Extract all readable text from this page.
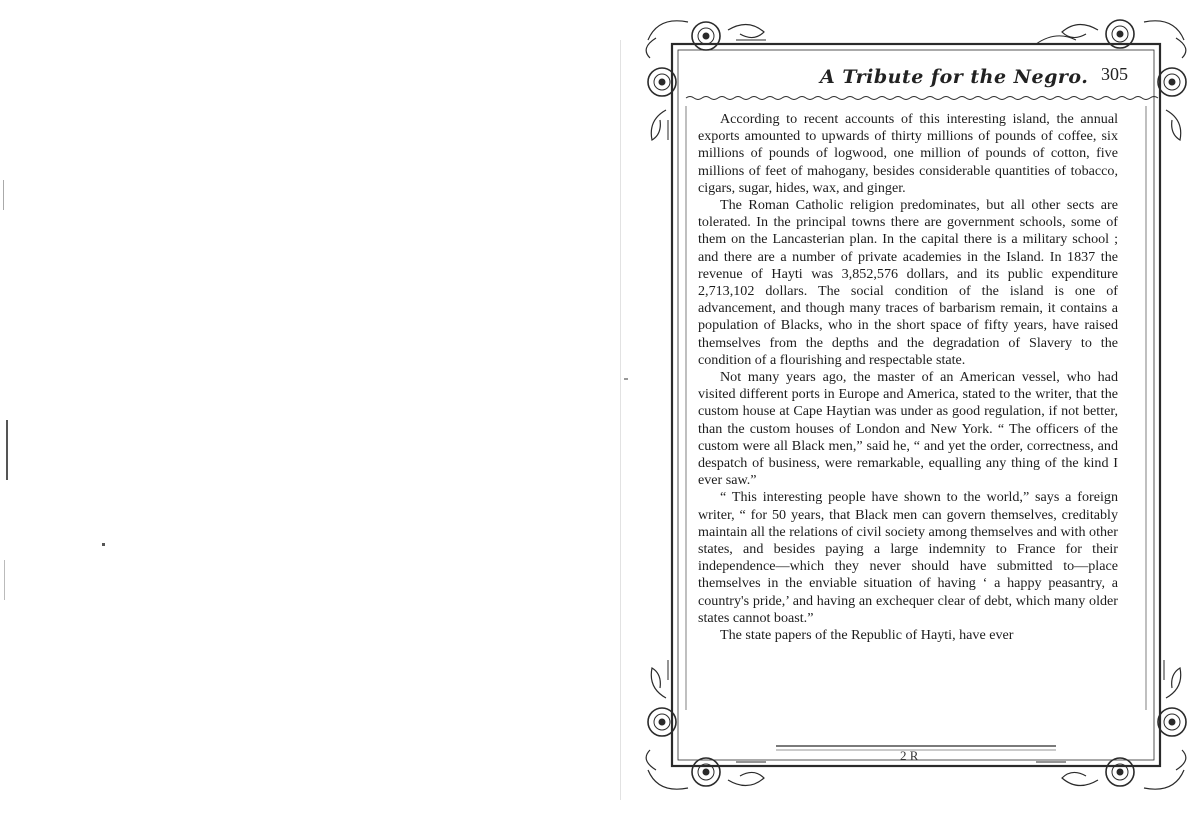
A Tribute for the Negro. 305

According to recent accounts of this interesting island, the annual exports amounted to upwards of thirty millions of pounds of coffee, six millions of pounds of logwood, one million of pounds of cotton, five millions of feet of mahogany, besides considerable quantities of tobacco, cigars, sugar, hides, wax, and ginger.

The Roman Catholic religion predominates, but all other sects are tolerated. In the principal towns there are government schools, some of them on the Lancasterian plan. In the capital there is a military school ; and there are a number of private academies in the Island. In 1837 the revenue of Hayti was 3,852,576 dollars, and its public expenditure 2,713,102 dollars. The social condition of the island is one of advancement, and though many traces of barbarism remain, it contains a population of Blacks, who in the short space of fifty years, have raised themselves from the depths and the degradation of Slavery to the condition of a flourishing and respectable state.

Not many years ago, the master of an American vessel, who had visited different ports in Europe and America, stated to the writer, that the custom house at Cape Haytian was under as good regulation, if not better, than the custom houses of London and New York. “ The officers of the custom were all Black men,” said he, “ and yet the order, correctness, and despatch of business, were remarkable, equalling any thing of the kind I ever saw.”

“ This interesting people have shown to the world,” says a foreign writer, “ for 50 years, that Black men can govern themselves, creditably maintain all the relations of civil society among themselves and with other states, and besides paying a large indemnity to France for their independence—which they never should have submitted to—place themselves in the enviable situation of having ‘ a happy peasantry, a country's pride,’ and having an exchequer clear of debt, which many older states cannot boast.”

The state papers of the Republic of Hayti, have ever

2 R
